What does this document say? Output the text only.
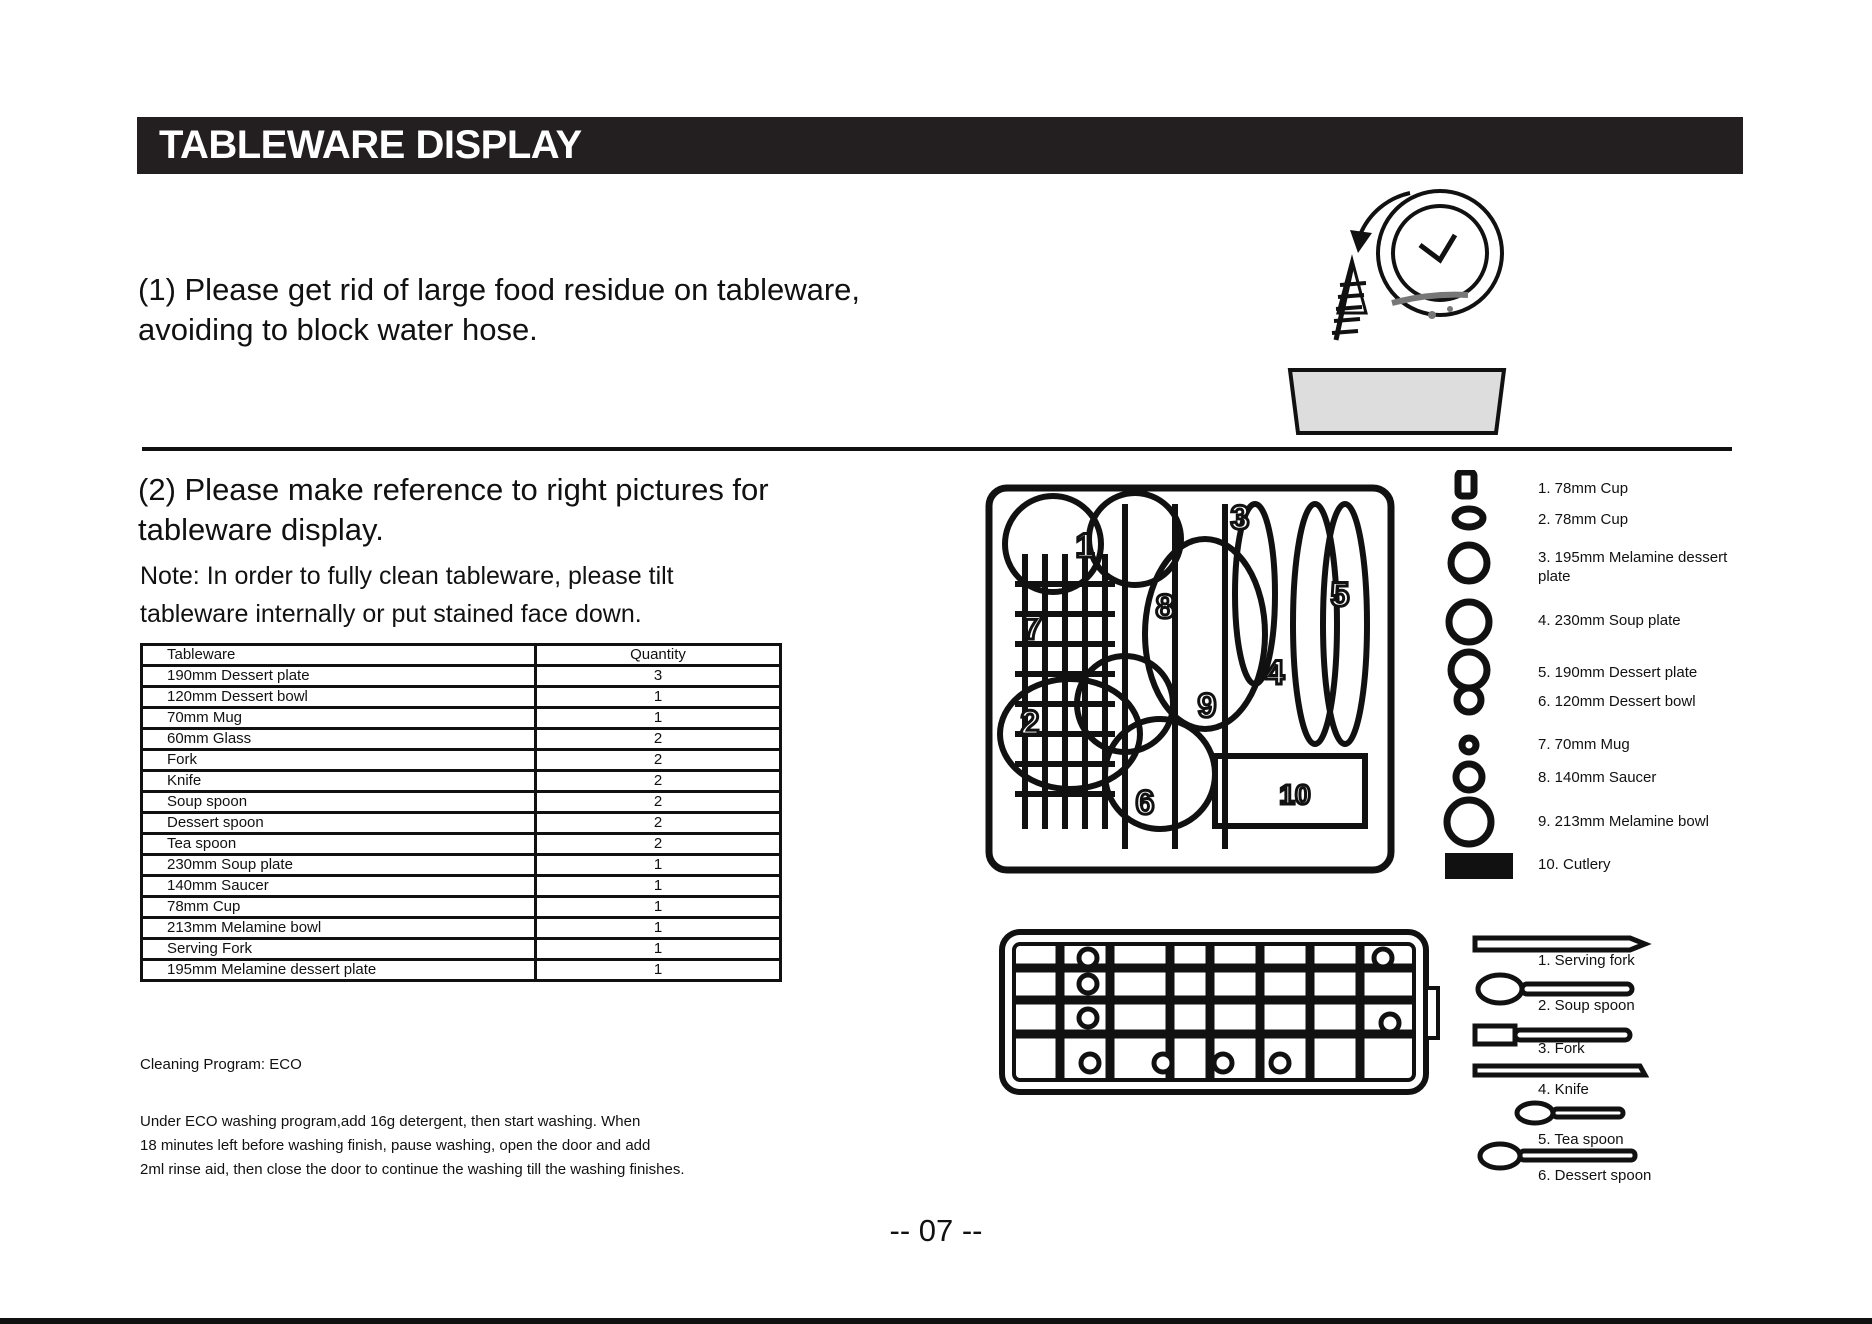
TABLEWARE DISPLAY
(1) Please get rid of large food residue on tableware,
avoiding to block water hose.
(2) Please make reference to right pictures for
tableware display.
Note: In order to fully clean tableware, please tilt
tableware internally or put stained face down.
Tableware	Quantity
190mm Dessert plate	3
120mm Dessert bowl	1
70mm Mug	1
60mm Glass	2
Fork	2
Knife	2
Soup spoon	2
Dessert spoon	2
Tea spoon	2
230mm Soup plate	1
140mm Saucer	1
78mm Cup	1
213mm Melamine bowl	1
Serving Fork	1
195mm Melamine dessert plate	1
Cleaning Program: ECO
Under ECO washing program,add 16g detergent, then start washing. When
18 minutes left before washing finish, pause washing, open the door and add
2ml rinse aid, then close the door to continue the washing till the washing finishes.
1
2
3
4
5
6
7
8
9
10
1. 78mm Cup
2. 78mm Cup
3. 195mm Melamine dessert plate
4. 230mm Soup plate
5. 190mm Dessert plate
6. 120mm Dessert bowl
7. 70mm Mug
8. 140mm Saucer
9. 213mm Melamine bowl
10. Cutlery
1. Serving fork
2. Soup spoon
3. Fork
4. Knife
5. Tea spoon
6. Dessert spoon
-- 07 --
